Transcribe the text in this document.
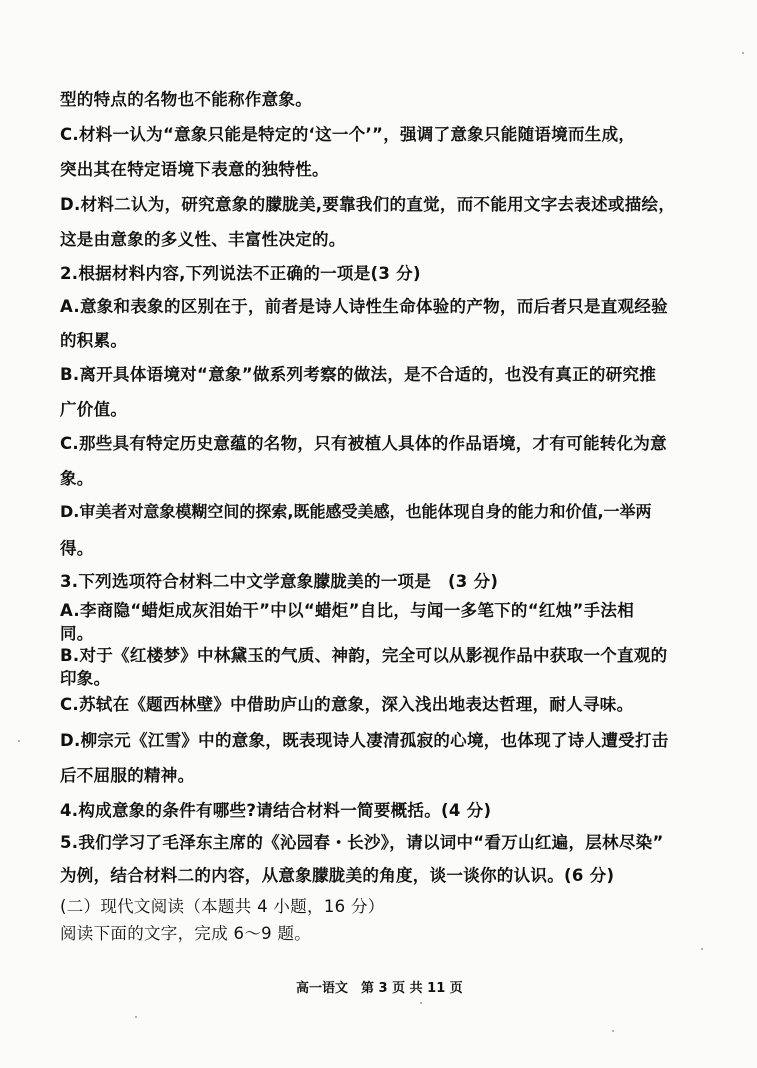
型的特点的名物也不能称作意象。
C.材料一认为“意象只能是特定的‘这一个’”，强调了意象只能随语境而生成，
突出其在特定语境下表意的独特性。
D.材料二认为，研究意象的朦胧美,要靠我们的直觉，而不能用文字去表述或描绘，
这是由意象的多义性、丰富性决定的。
2.根据材料内容,下列说法不正确的一项是(3 分)
A.意象和表象的区别在于，前者是诗人诗性生命体验的产物，而后者只是直观经验
的积累。
B.离开具体语境对“意象”做系列考察的做法，是不合适的，也没有真正的研究推
广价值。
C.那些具有特定历史意蕴的名物，只有被植人具体的作品语境，才有可能转化为意
象。
D.审美者对意象模糊空间的探索,既能感受美感，也能体现自身的能力和价值,一举两
得。
3.下列选项符合材料二中文学意象朦胧美的一项是　(3 分)
A.李商隐“蜡炬成灰泪始干”中以“蜡炬”自比，与闻一多笔下的“红烛”手法相
同。
B.对于《红楼梦》中林黛玉的气质、神韵，完全可以从影视作品中获取一个直观的
印象。
C.苏轼在《题西林壁》中借助庐山的意象，深入浅出地表达哲理，耐人寻味。
D.柳宗元《江雪》中的意象，既表现诗人凄清孤寂的心境，也体现了诗人遭受打击
后不屈服的精神。
4.构成意象的条件有哪些?请结合材料一简要概括。(4 分)
5.我们学习了毛泽东主席的《沁园春・长沙》，请以词中“看万山红遍，层林尽染”
为例，结合材料二的内容，从意象朦胧美的角度，谈一谈你的认识。(6 分)
(二）现代文阅读（本题共 4 小题，16 分）
阅读下面的文字，完成 6～9 题。
高一语文　第 3 页 共 11 页
